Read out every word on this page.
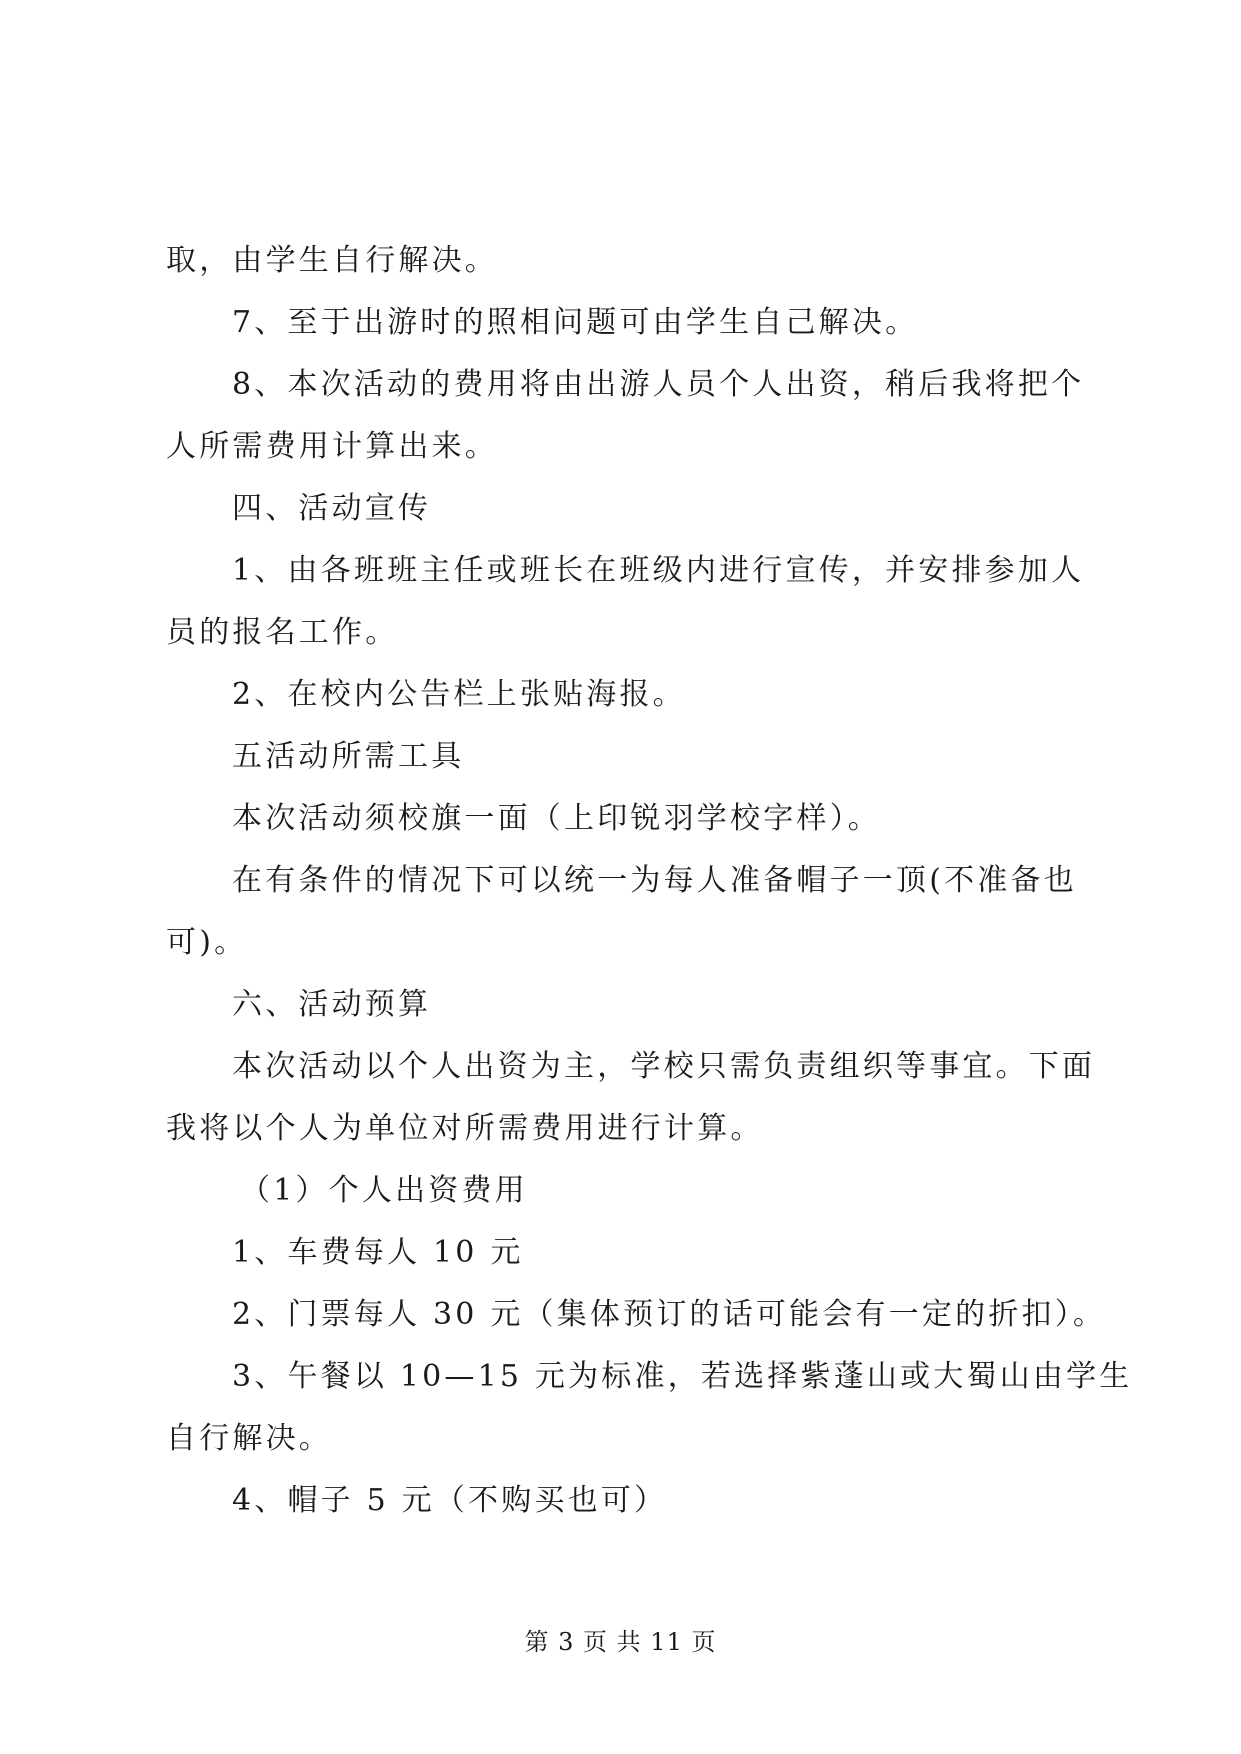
取，由学生自行解决。
7、至于出游时的照相问题可由学生自己解决。
8、本次活动的费用将由出游人员个人出资，稍后我将把个
人所需费用计算出来。
四、活动宣传
1、由各班班主任或班长在班级内进行宣传，并安排参加人
员的报名工作。
2、在校内公告栏上张贴海报。
五活动所需工具
本次活动须校旗一面（上印锐羽学校字样）。
在有条件的情况下可以统一为每人准备帽子一顶(不准备也
可)。
六、活动预算
本次活动以个人出资为主，学校只需负责组织等事宜。下面
我将以个人为单位对所需费用进行计算。
（1）个人出资费用
1、车费每人 10 元
2、门票每人 30 元（集体预订的话可能会有一定的折扣）。
3、午餐以 10—15 元为标准，若选择紫蓬山或大蜀山由学生
自行解决。
4、帽子 5 元（不购买也可）
第 3 页 共 11 页
